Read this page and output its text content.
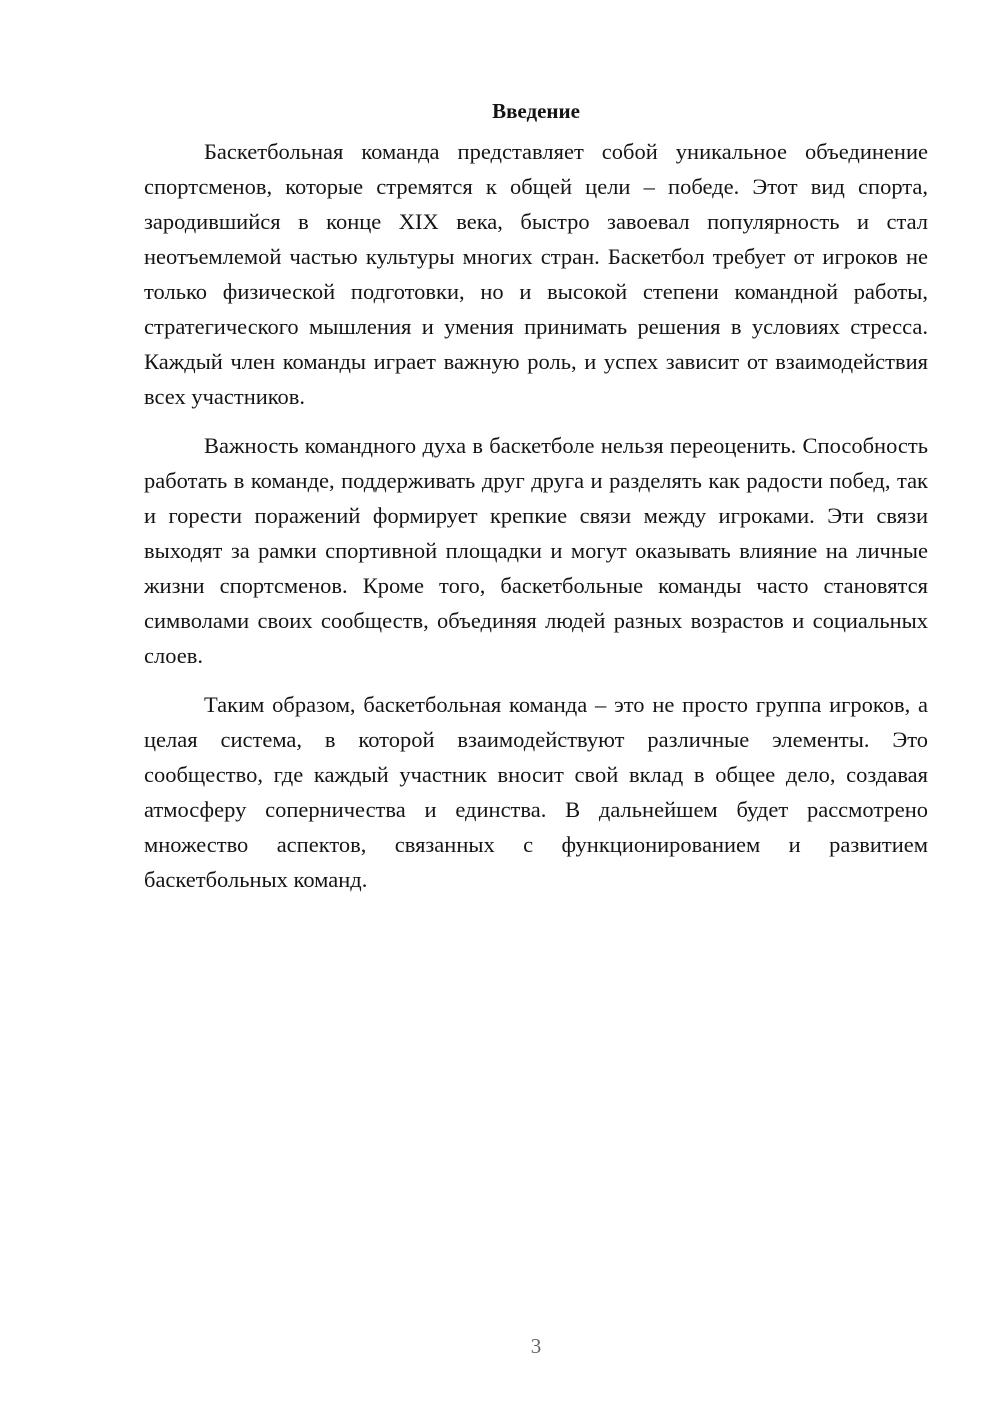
Введение

Баскетбольная команда представляет собой уникальное объединение спортсменов, которые стремятся к общей цели – победе. Этот вид спорта, зародившийся в конце XIX века, быстро завоевал популярность и стал неотъемлемой частью культуры многих стран. Баскетбол требует от игроков не только физической подготовки, но и высокой степени командной работы, стратегического мышления и умения принимать решения в условиях стресса. Каждый член команды играет важную роль, и успех зависит от взаимодействия всех участников.

Важность командного духа в баскетболе нельзя переоценить. Способность работать в команде, поддерживать друг друга и разделять как радости побед, так и горести поражений формирует крепкие связи между игроками. Эти связи выходят за рамки спортивной площадки и могут оказывать влияние на личные жизни спортсменов. Кроме того, баскетбольные команды часто становятся символами своих сообществ, объединяя людей разных возрастов и социальных слоев.

Таким образом, баскетбольная команда – это не просто группа игроков, а целая система, в которой взаимодействуют различные элементы. Это сообщество, где каждый участник вносит свой вклад в общее дело, создавая атмосферу соперничества и единства. В дальнейшем будет рассмотрено множество аспектов, связанных с функционированием и развитием баскетбольных команд.

3
